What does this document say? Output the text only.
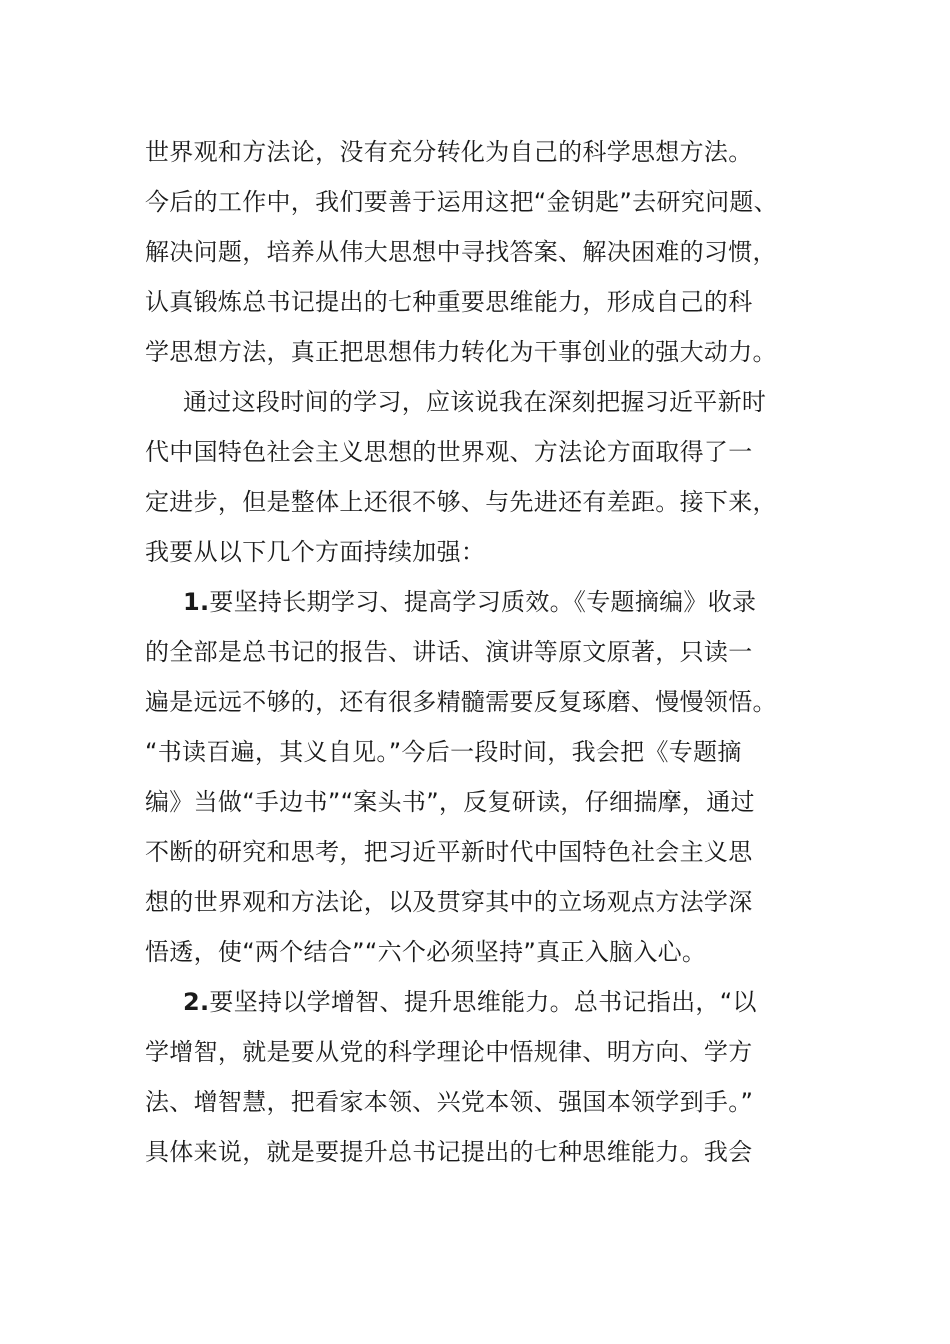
世界观和方法论，没有充分转化为自己的科学思想方法。
今后的工作中，我们要善于运用这把“金钥匙”去研究问题、
解决问题，培养从伟大思想中寻找答案、解决困难的习惯，
认真锻炼总书记提出的七种重要思维能力，形成自己的科
学思想方法，真正把思想伟力转化为干事创业的强大动力。
通过这段时间的学习，应该说我在深刻把握习近平新时
代中国特色社会主义思想的世界观、方法论方面取得了一
定进步，但是整体上还很不够、与先进还有差距。接下来，
我要从以下几个方面持续加强：
1.要坚持长期学习、提高学习质效。《专题摘编》收录
的全部是总书记的报告、讲话、演讲等原文原著，只读一
遍是远远不够的，还有很多精髓需要反复琢磨、慢慢领悟。
“书读百遍，其义自见。”今后一段时间，我会把《专题摘
编》当做“手边书”“案头书”，反复研读，仔细揣摩，通过
不断的研究和思考，把习近平新时代中国特色社会主义思
想的世界观和方法论，以及贯穿其中的立场观点方法学深
悟透，使“两个结合”“六个必须坚持”真正入脑入心。
2.要坚持以学增智、提升思维能力。总书记指出，“以
学增智，就是要从党的科学理论中悟规律、明方向、学方
法、增智慧，把看家本领、兴党本领、强国本领学到手。”
具体来说，就是要提升总书记提出的七种思维能力。我会
